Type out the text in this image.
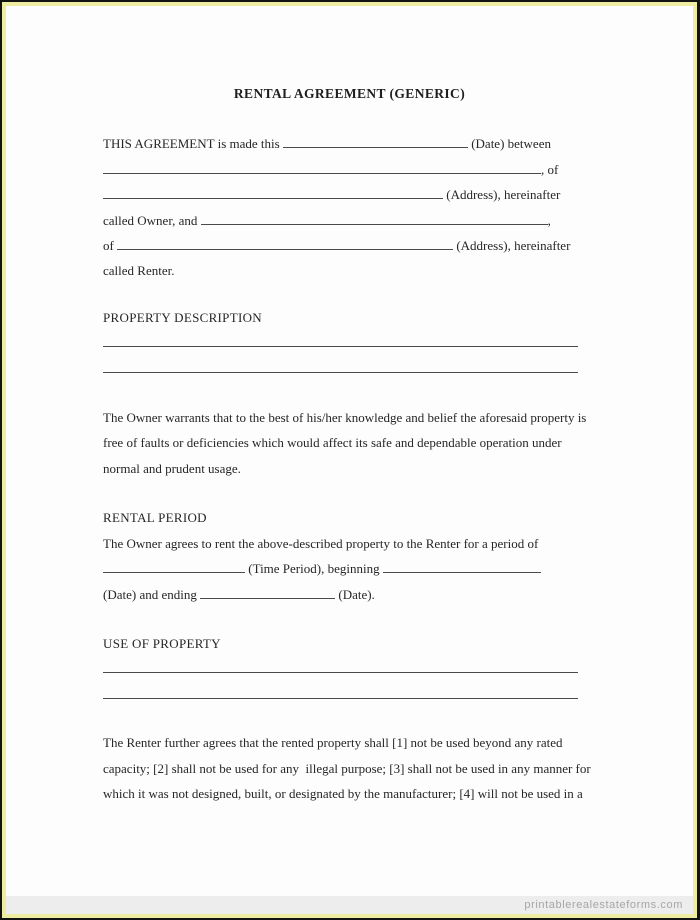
RENTAL AGREEMENT (GENERIC)
THIS AGREEMENT is made this	(Date) between
, of
(Address), hereinafter
called Owner, and	,
of	(Address), hereinafter
called Renter.
PROPERTY DESCRIPTION
The Owner warrants that to the best of his/her knowledge and belief the aforesaid property is
free of faults or deficiencies which would affect its safe and dependable operation under
normal and prudent usage.
RENTAL PERIOD
The Owner agrees to rent the above-described property to the Renter for a period of
(Time Period), beginning
(Date) and ending	(Date).
USE OF PROPERTY
The Renter further agrees that the rented property shall [1] not be used beyond any rated
capacity; [2] shall not be used for any  illegal purpose; [3] shall not be used in any manner for
which it was not designed, built, or designated by the manufacturer; [4] will not be used in a
printablerealestateforms.com
